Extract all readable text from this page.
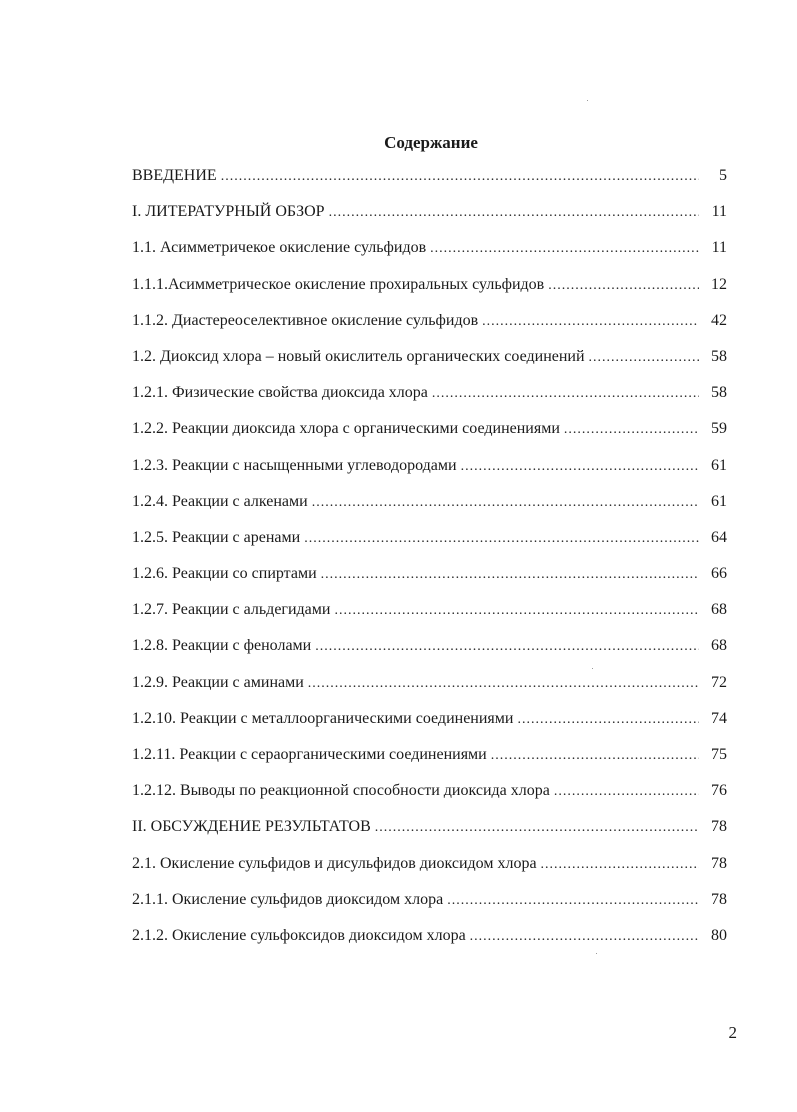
Содержание
ВВЕДЕНИЕ .....	5
I. ЛИТЕРАТУРНЫЙ ОБЗОР .....	11
1.1. Асимметричекое окисление сульфидов .....	11
1.1.1.Асимметрическое окисление прохиральных сульфидов .....	12
1.1.2. Диастереоселективное окисление сульфидов .....	42
1.2. Диоксид хлора – новый окислитель органических соединений .....	58
1.2.1. Физические свойства диоксида хлора .....	58
1.2.2. Реакции диоксида хлора с органическими соединениями .....	59
1.2.3. Реакции с насыщенными углеводородами .....	61
1.2.4. Реакции с алкенами .....	61
1.2.5. Реакции с аренами .....	64
1.2.6. Реакции со спиртами .....	66
1.2.7. Реакции с альдегидами .....	68
1.2.8. Реакции с фенолами .....	68
1.2.9. Реакции с аминами .....	72
1.2.10. Реакции с металлоорганическими соединениями .....	74
1.2.11. Реакции с сераорганическими соединениями .....	75
1.2.12. Выводы по реакционной способности диоксида хлора .....	76
II. ОБСУЖДЕНИЕ РЕЗУЛЬТАТОВ .....	78
2.1. Окисление сульфидов и дисульфидов диоксидом хлора .....	78
2.1.1. Окисление сульфидов диоксидом хлора .....	78
2.1.2. Окисление сульфоксидов диоксидом хлора .....	80
2
